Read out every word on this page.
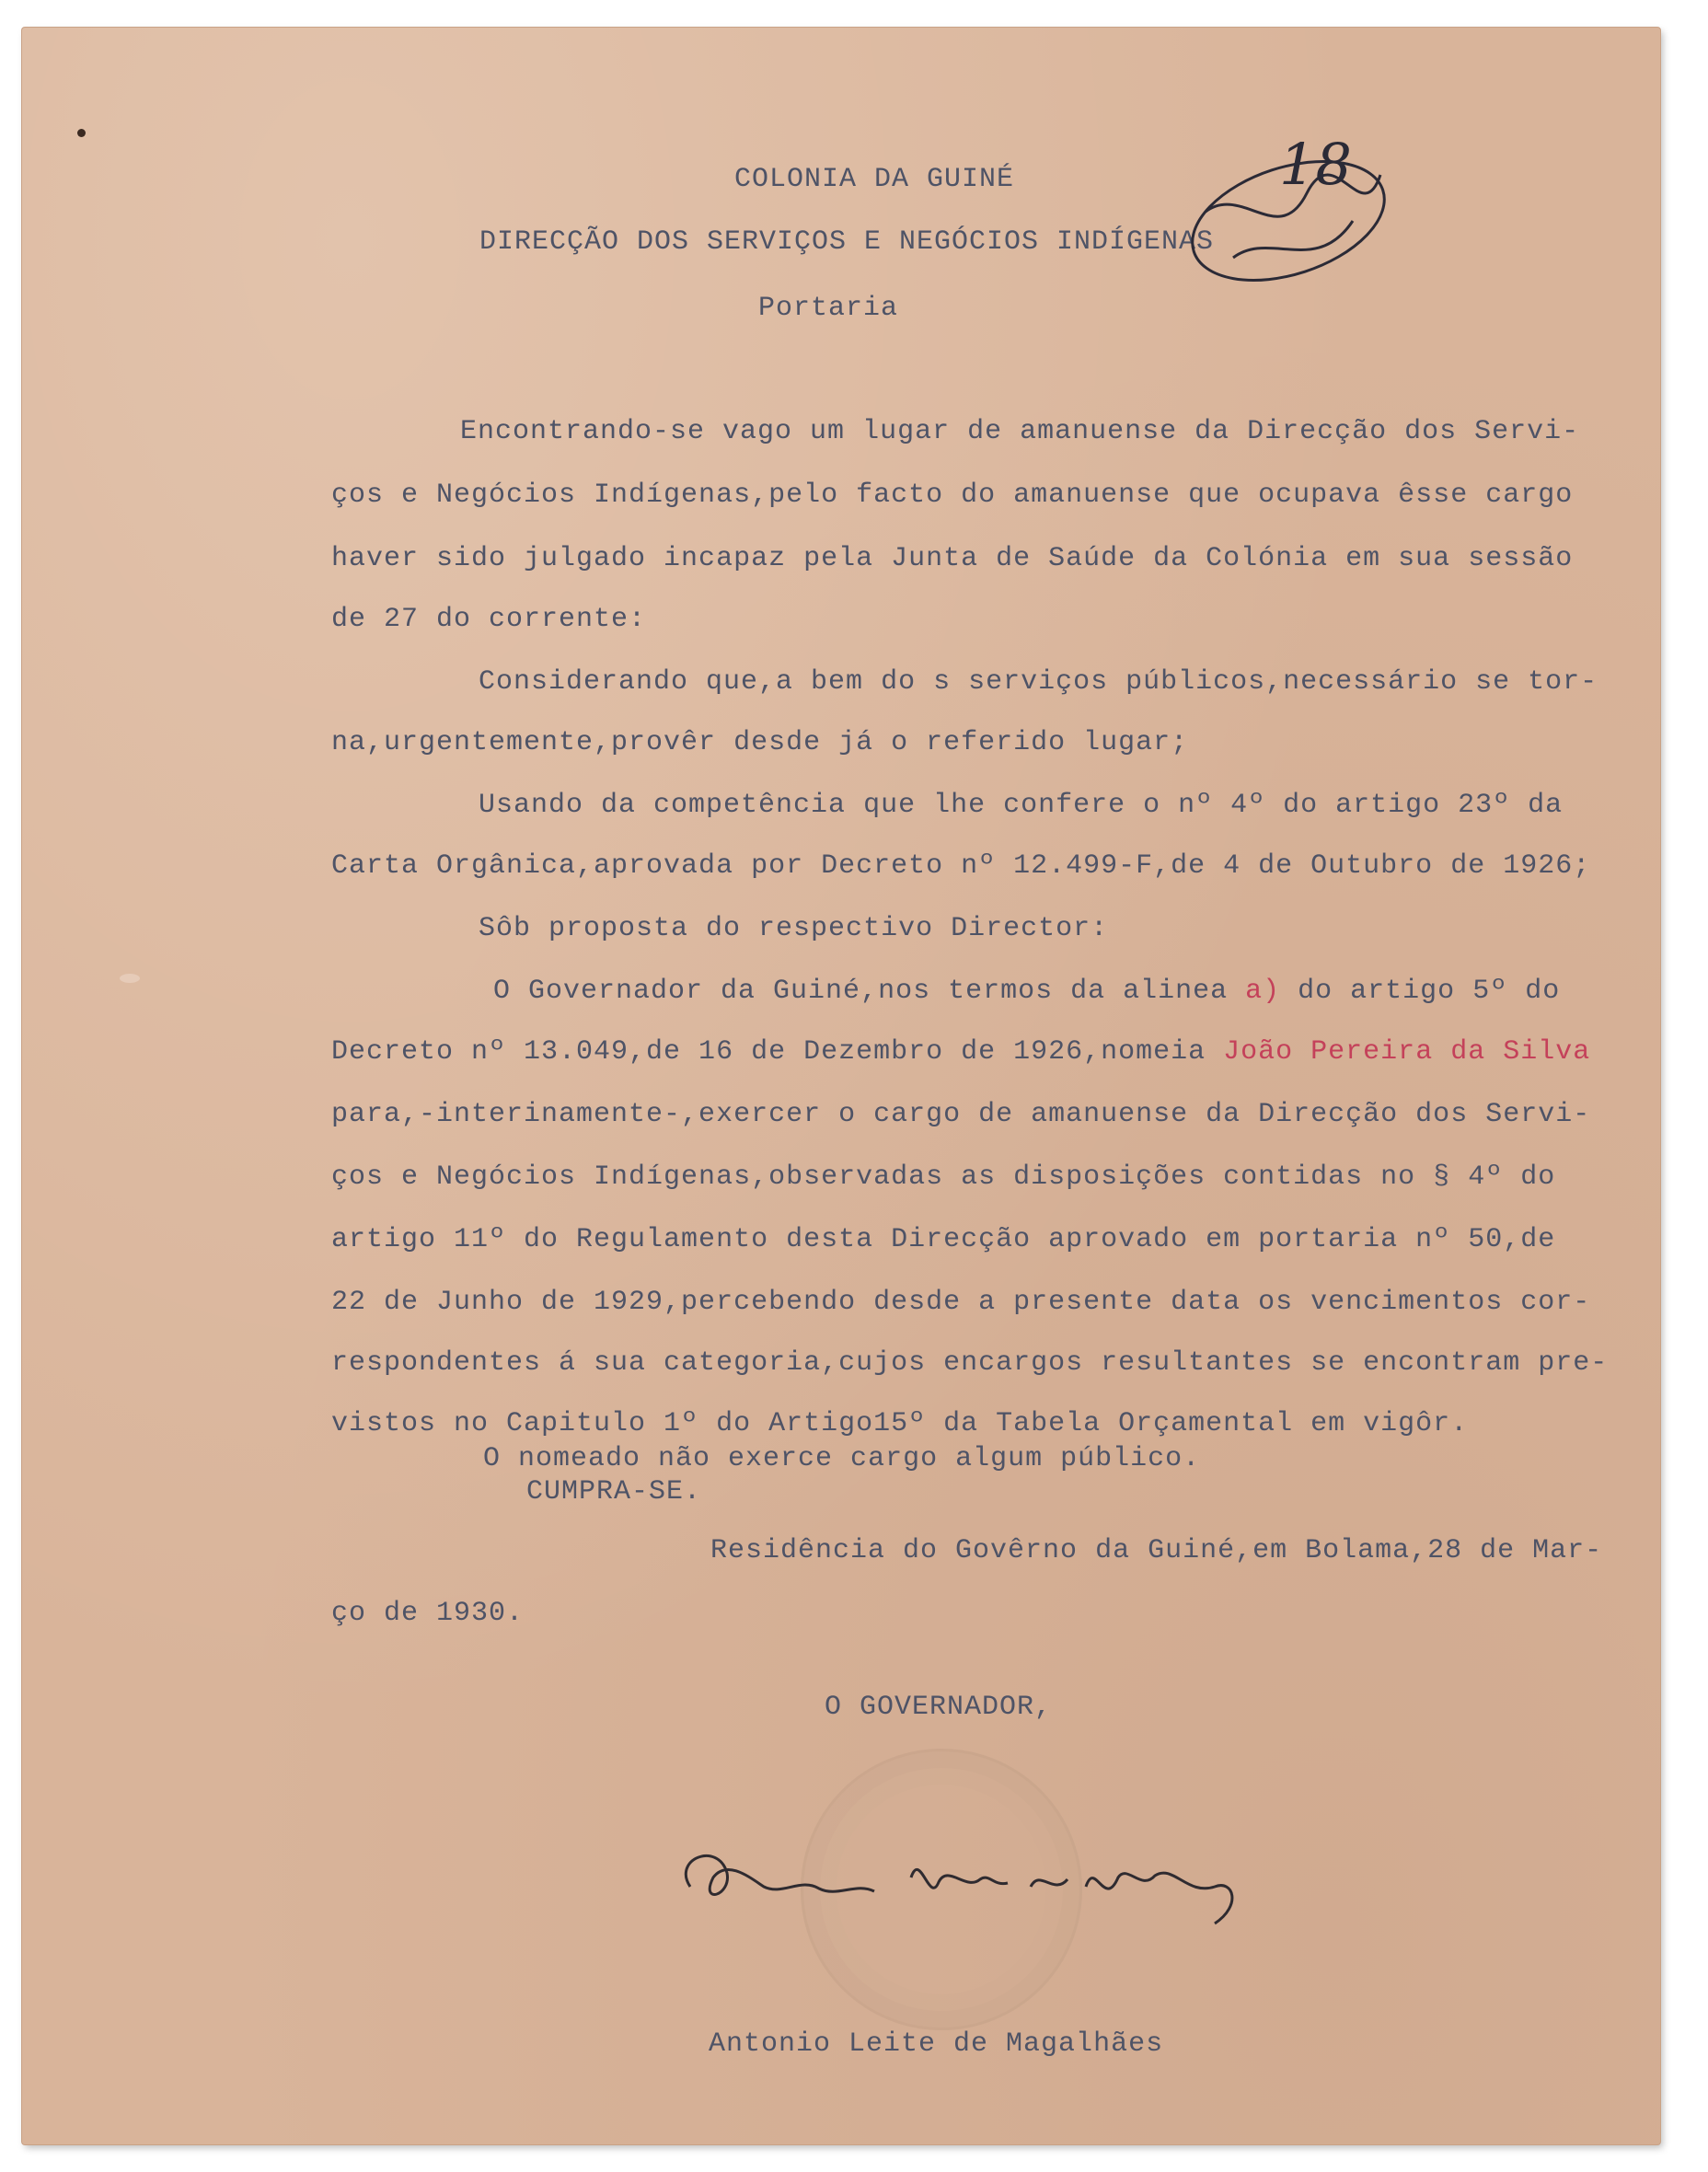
COLONIA DA GUINÉ
DIRECÇÃO DOS SERVIÇOS E NEGÓCIOS INDÍGENAS
Portaria
18
Encontrando-se vago um lugar de amanuense da Direcção dos Servi-
ços e Negócios Indígenas,pelo facto do amanuense que ocupava êsse cargo
haver sido julgado incapaz pela Junta de Saúde da Colónia em sua sessão
de 27 do corrente:
Considerando que,a bem do s serviços públicos,necessário se tor-
na,urgentemente,provêr desde já o referido lugar;
Usando da competência que lhe confere o nº 4º do artigo 23º da
Carta Orgânica,aprovada por Decreto nº 12.499-F,de 4 de Outubro de 1926;
Sôb proposta do respectivo Director:
O Governador da Guiné,nos termos da alinea a) do artigo 5º do
Decreto nº 13.049,de 16 de Dezembro de 1926,nomeia João Pereira da Silva
para,-interinamente-,exercer o cargo de amanuense da Direcção dos Servi-
ços e Negócios Indígenas,observadas as disposições contidas no § 4º do
artigo 11º do Regulamento desta Direcção aprovado em portaria nº 50,de
22 de Junho de 1929,percebendo desde a presente data os vencimentos cor-
respondentes á sua categoria,cujos encargos resultantes se encontram pre-
vistos no Capitulo 1º do Artigo15º da Tabela Orçamental em vigôr.
O nomeado não exerce cargo algum público.
CUMPRA-SE.
Residência do Govêrno da Guiné,em Bolama,28 de Mar-
ço de 1930.
O GOVERNADOR,
Antonio Leite de Magalhães
